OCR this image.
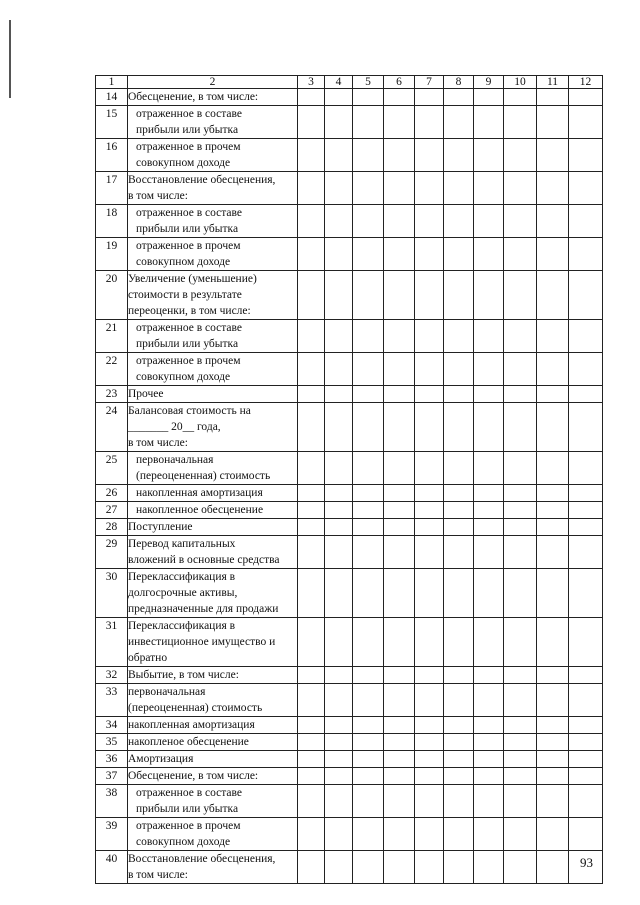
1	2	3	4	5	6	7	8	9	10	11	12
14	Обесценение, в том числе:										

15	отраженное в составе
прибыли или убытка										

16	отраженное в прочем
совокупном доходе										

17	Восстановление обесценения,
в том числе:										

18	отраженное в составе
прибыли или убытка										

19	отраженное в прочем
совокупном доходе										

20	Увеличение (уменьшение)
стоимости в результате
переоценки, в том числе:										

21	отраженное в составе
прибыли или убытка										

22	отраженное в прочем
совокупном доходе										

23	Прочее										

24	Балансовая стоимость на
_______ 20__ года,
в том числе:										

25	первоначальная
(переоцененная) стоимость										

26	накопленная амортизация										

27	накопленное обесценение										

28	Поступление										

29	Перевод капитальных
вложений в основные средства										

30	Переклассификация в
долгосрочные активы,
предназначенные для продажи										

31	Переклассификация в
инвестиционное имущество и
обратно										

32	Выбытие, в том числе:										

33	первоначальная
(переоцененная) стоимость										

34	накопленная амортизация										

35	накопленое обесценение										

36	Амортизация										

37	Обесценение, в том числе:										

38	отраженное в составе
прибыли или убытка										

39	отраженное в прочем
совокупном доходе										

40	Восстановление обесценения,
в том числе:										

93
